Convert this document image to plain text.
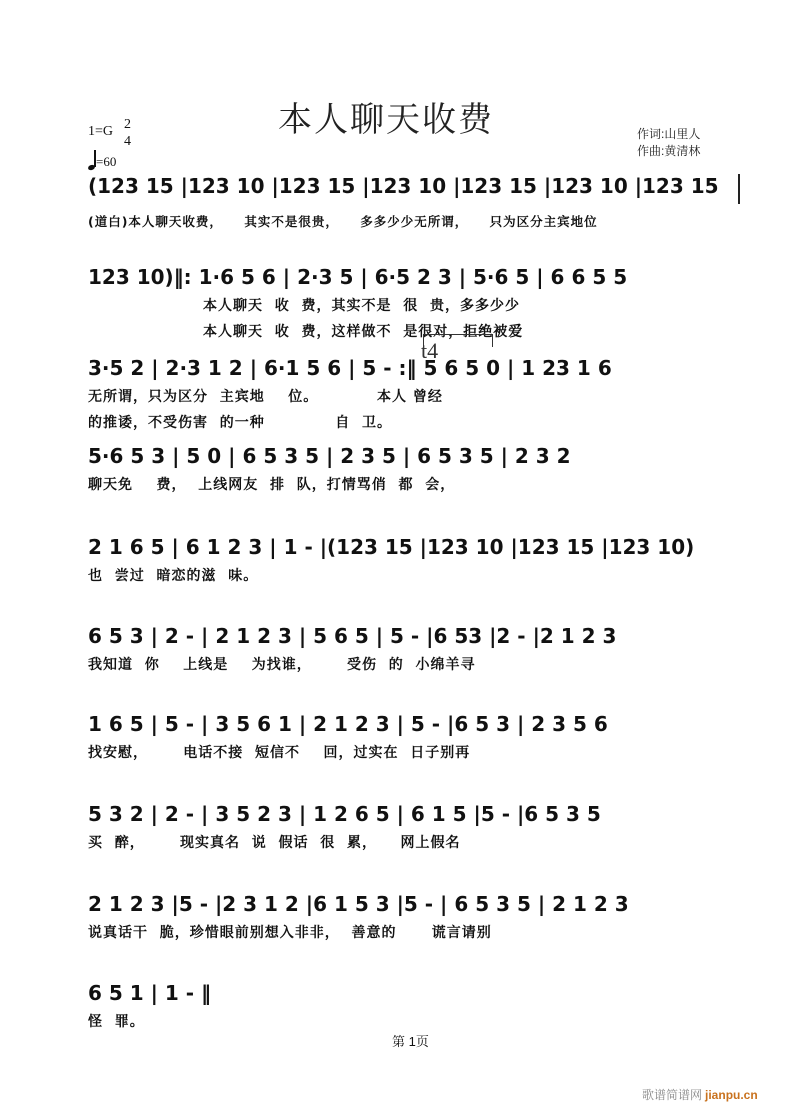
本人聊天收费
1=G 2
4
=60
作词:山里人
作曲:黄清林
(123 15 |123 10 |123 15 |123 10 |123 15 |123 10 |123 15
(道白)本人聊天收费，    其实不是很贵，    多多少少无所谓，    只为区分主宾地位
123 10)‖: 1·6 5 6 | 2·3 5 | 6·5 2 3 | 5·6 5 | 6 6 5 5
本人聊天  收  费，其实不是  很  贵，多多少少
本人聊天  收  费，这样做不  是很对，拒绝被爱
t4
3·5 2 | 2·3 1 2 | 6·1 5 6 | 5 - :‖ 5 6 5 0 | 1 23 1 6
无所谓，只为区分  主宾地    位。          本人 曾经
的推诿，不受伤害  的一种            自  卫。
5·6 5 3 | 5 0 | 6 5 3 5 | 2 3 5 | 6 5 3 5 | 2 3 2
聊天免    费，  上线网友  排  队，打情骂俏  都  会，
2 1 6 5 | 6 1 2 3 | 1 - |(123 15 |123 10 |123 15 |123 10)
也  尝过  暗恋的滋  味。
6 5 3 | 2 - | 2 1 2 3 | 5 6 5 | 5 - |6 53 |2 - |2 1 2 3
我知道  你    上线是    为找谁，      受伤  的  小绵羊寻
1 6 5 | 5 - | 3 5 6 1 | 2 1 2 3 | 5 - |6 5 3 | 2 3 5 6
找安慰，      电话不接  短信不    回，过实在  日子别再
5 3 2 | 2 - | 3 5 2 3 | 1 2 6 5 | 6 1 5 |5 - |6 5 3 5
买  醉，      现实真名  说  假话  很  累，    网上假名
2 1 2 3 |5 - |2 3 1 2 |6 1 5 3 |5 - | 6 5 3 5 | 2 1 2 3
说真话干  脆，珍惜眼前别想入非非，  善意的      谎言请别
6 5 1 | 1 - ‖
怪  罪。
第 1页
歌谱简谱网 jianpu.cn
